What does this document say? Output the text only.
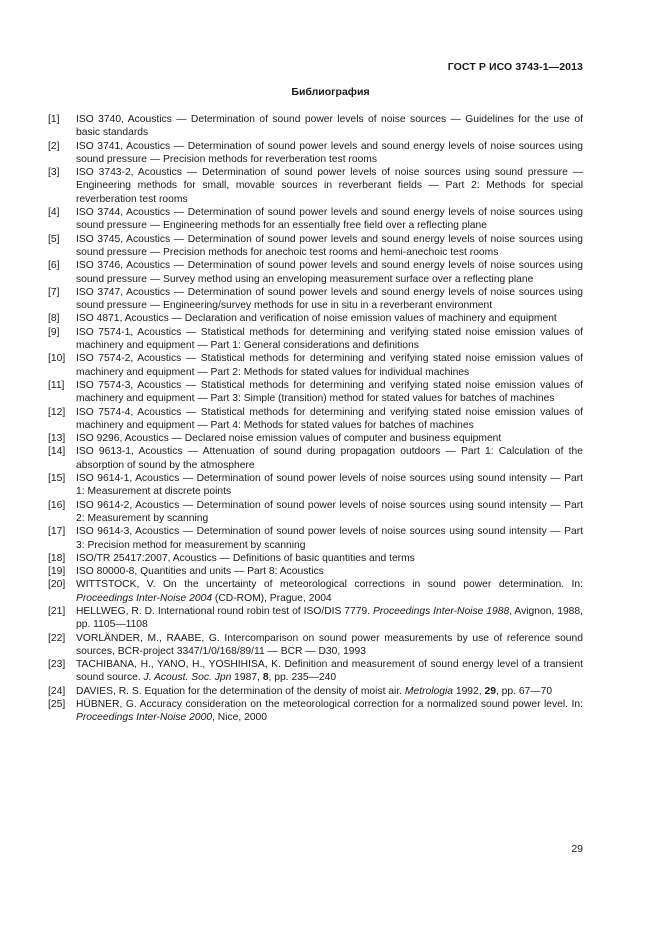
ГОСТ Р ИСО 3743-1—2013
Библиография
[1]	ISO 3740, Acoustics — Determination of sound power levels of noise sources — Guidelines for the use of basic standards
[2]	ISO 3741, Acoustics — Determination of sound power levels and sound energy levels of noise sources using sound pressure — Precision methods for reverberation test rooms
[3]	ISO 3743-2, Acoustics — Determination of sound power levels of noise sources using sound pressure — Engineering methods for small, movable sources in reverberant fields — Part 2: Methods for special reverberation test rooms
[4]	ISO 3744, Acoustics — Determination of sound power levels and sound energy levels of noise sources using sound pressure — Engineering methods for an essentially free field over a reflecting plane
[5]	ISO 3745, Acoustics — Determination of sound power levels and sound energy levels of noise sources using sound pressure — Precision methods for anechoic test rooms and hemi-anechoic test rooms
[6]	ISO 3746, Acoustics — Determination of sound power levels and sound energy levels of noise sources using sound pressure — Survey method using an enveloping measurement surface over a reflecting plane
[7]	ISO 3747, Acoustics — Determination of sound power levels and sound energy levels of noise sources using sound pressure — Engineering/survey methods for use in situ in a reverberant environment
[8]	ISO 4871, Acoustics — Declaration and verification of noise emission values of machinery and equipment
[9]	ISO 7574-1, Acoustics — Statistical methods for determining and verifying stated noise emission values of machinery and equipment — Part 1: General considerations and definitions
[10]	ISO 7574-2, Acoustics — Statistical methods for determining and verifying stated noise emission values of machinery and equipment — Part 2: Methods for stated values for individual machines
[11]	ISO 7574-3, Acoustics — Statistical methods for determining and verifying stated noise emission values of machinery and equipment — Part 3: Simple (transition) method for stated values for batches of machines
[12]	ISO 7574-4, Acoustics — Statistical methods for determining and verifying stated noise emission values of machinery and equipment — Part 4: Methods for stated values for batches of machines
[13]	ISO 9296, Acoustics — Declared noise emission values of computer and business equipment
[14]	ISO 9613-1, Acoustics — Attenuation of sound during propagation outdoors — Part 1: Calculation of the absorption of sound by the atmosphere
[15]	ISO 9614-1, Acoustics — Determination of sound power levels of noise sources using sound intensity — Part 1: Measurement at discrete points
[16]	ISO 9614-2, Acoustics — Determination of sound power levels of noise sources using sound intensity — Part 2: Measurement by scanning
[17]	ISO 9614-3, Acoustics — Determination of sound power levels of noise sources using sound intensity — Part 3: Precision method for measurement by scanning
[18]	ISO/TR 25417:2007, Acoustics — Definitions of basic quantities and terms
[19]	ISO 80000-8, Quantities and units — Part 8: Acoustics
[20]	WITTSTOCK, V. On the uncertainty of meteorological corrections in sound power determination. In: Proceedings Inter-Noise 2004 (CD-ROM), Prague, 2004
[21]	HELLWEG, R. D. International round robin test of ISO/DIS 7779. Proceedings Inter-Noise 1988, Avignon, 1988, pp. 1105—1108
[22]	VORLÄNDER, M., RAABE, G. Intercomparison on sound power measurements by use of reference sound sources, BCR-project 3347/1/0/168/89/11 — BCR — D30, 1993
[23]	TACHIBANA, H., YANO, H., YOSHIHISA, K. Definition and measurement of sound energy level of a transient sound source. J. Acoust. Soc. Jpn 1987, 8, pp. 235—240
[24]	DAVIES, R. S. Equation for the determination of the density of moist air. Metrologia 1992, 29, pp. 67—70
[25]	HÜBNER, G. Accuracy consideration on the meteorological correction for a normalized sound power level. In: Proceedings Inter-Noise 2000, Nice, 2000
29
